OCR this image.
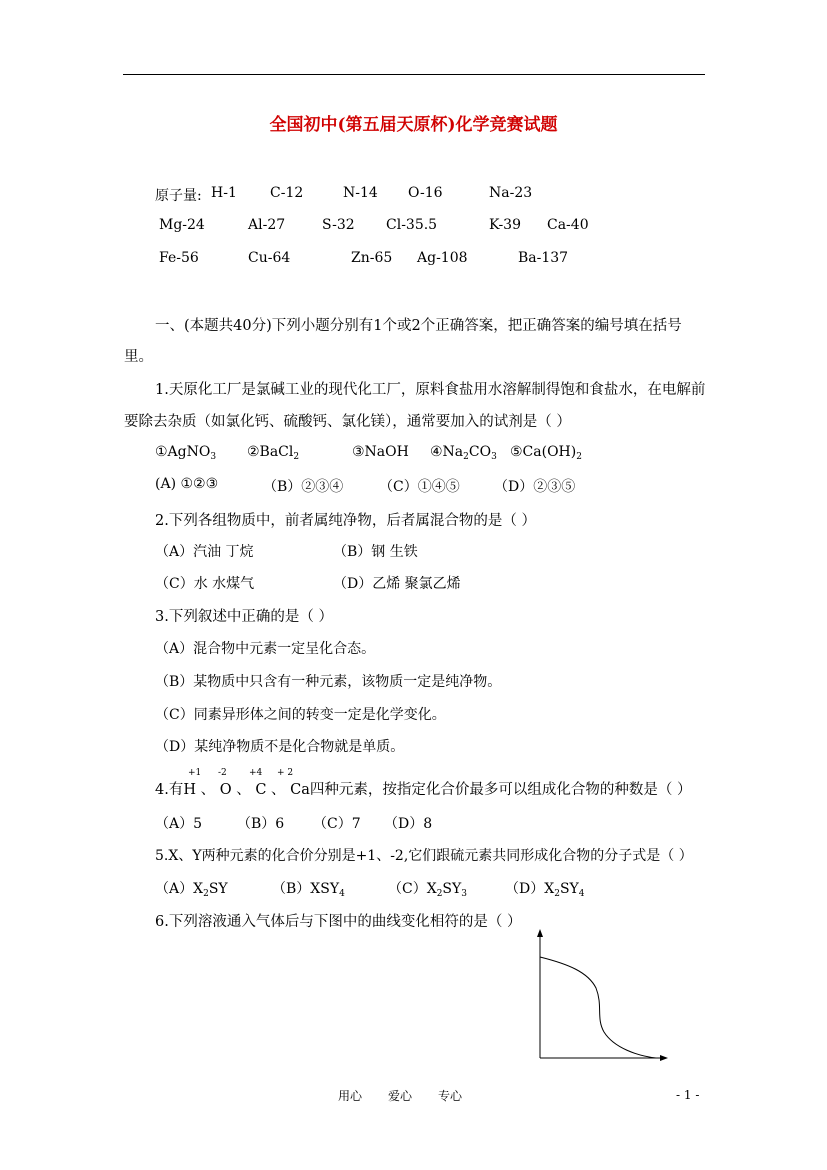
全国初中(第五届天原杯)化学竞赛试题
原子量: H-1 C-12	N-14 O-16	Na-23
Mg-24	Al-27	S-32 Cl-35.5	K-39 Ca-40
Fe-56	Cu-64	Zn-65 Ag-108	Ba-137
一、(本题共40分)下列小题分别有1个或2个正确答案，把正确答案的编号填在括号
里。
1.天原化工厂是氯碱工业的现代化工厂，原料食盐用水溶解制得饱和食盐水，在电解前
要除去杂质（如氯化钙、硫酸钙、氯化镁），通常要加入的试剂是（ ）
①AgNO$_3$ ②BaCl$_2$	③NaOH $④Na_2CO_3$ $⑤Ca(OH)_2$
(A) ①②③	（B）②③④	（C）①④⑤ （D）②③⑤
2.下列各组物质中，前者属纯净物，后者属混合物的是（ ）
（A）汽油 丁烷	（B）钢 生铁
（C）水 水煤气	（D）乙烯 聚氯乙烯
3.下列叙述中正确的是（ ）
（A）混合物中元素一定呈化合态。
（B）某物质中只含有一种元素，该物质一定是纯净物。
（C）同素异形体之间的转变一定是化学变化。
（D）某纯净物质不是化合物就是单质。
+1 -2 +4 + 2
4.有H 、 O 、 C 、 Ca四种元素，按指定化合价最多可以组成化合物的种数是（ ）
（A）5 （B）6 （C）7 （D）8
5.X、Y两种元素的化合价分别是+1、-2,它们跟硫元素共同形成化合物的分子式是（ ）
$(A)X_2SY$	$(B)XSY_4$	$(C)X_2SY_3$	$(D)X_2SY_4$
6.下列溶液通入气体后与下图中的曲线变化相符的是（ ）
用心 爱心 专心	- 1 -
